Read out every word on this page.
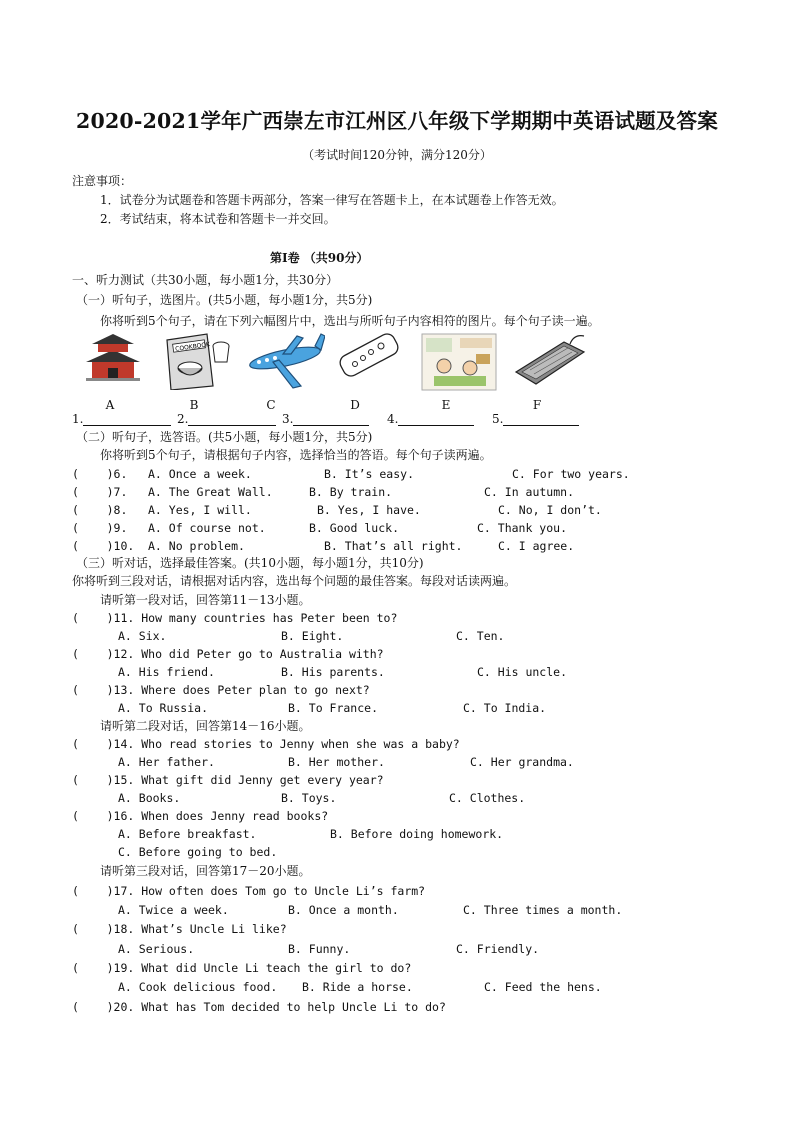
2020-2021学年广西崇左市江州区八年级下学期期中英语试题及答案
（考试时间120分钟，满分120分）
注意事项：
1．试卷分为试题卷和答题卡两部分，答案一律写在答题卡上，在本试题卷上作答无效。
2．考试结束，将本试卷和答题卡一并交回。
第Ⅰ卷 （共90分）
一、听力测试（共30小题，每小题1分，共30分）
（一）听句子，选图片。(共5小题，每小题1分，共5分)
你将听到5个句子，请在下列六幅图片中，选出与所听句子内容相符的图片。每个句子读一遍。
COOKBOOK
A	B	C	D	E	F
1.	2.	3.	4.	5.
（二）听句子，选答语。(共5小题，每小题1分，共5分)
你将听到5个句子，请根据句子内容，选择恰当的答语。每个句子读两遍。

(    )6.

A. Once a week.

	B. It’s easy.

	C. For two years.

(    )7.

A. The Great Wall.

	B. By train.

	C. In autumn.

(    )8.

A. Yes, I will.

	B. Yes, I have.

	C. No, I don’t.

(    )9.

A. Of course not.

	B. Good luck.

	C. Thank you.

(    )10.

A. No problem.

	B. That’s all right.

	C. I agree.

（三）听对话，选择最佳答案。(共10小题，每小题1分，共10分)
你将听到三段对话，请根据对话内容，选出每个问题的最佳答案。每段对话读两遍。
请听第一段对话，回答第11－13小题。
(    )11. How many countries has Peter been to?

A. Six.

	B. Eight.

	C. Ten.

(    )12. Who did Peter go to Australia with?

A. His friend.

	B. His parents.

	C. His uncle.

(    )13. Where does Peter plan to go next?

A. To Russia.

	B. To France.

	C. To India.

请听第二段对话，回答第14－16小题。
(    )14. Who read stories to Jenny when she was a baby?

A. Her father.

	B. Her mother.

	C. Her grandma.

(    )15. What gift did Jenny get every year?

A. Books.

	B. Toys.

	C. Clothes.

(    )16. When does Jenny read books?

A. Before breakfast.

	B. Before doing homework.

C. Before going to bed.

请听第三段对话，回答第17－20小题。
(    )17. How often does Tom go to Uncle Li’s farm?

A. Twice a week.

	B. Once a month.

	C. Three times a month.

(    )18. What’s Uncle Li like?

A. Serious.

	B. Funny.

	C. Friendly.

(    )19. What did Uncle Li teach the girl to do?

A. Cook delicious food.

B. Ride a horse.

	C. Feed the hens.

(    )20. What has Tom decided to help Uncle Li to do?
